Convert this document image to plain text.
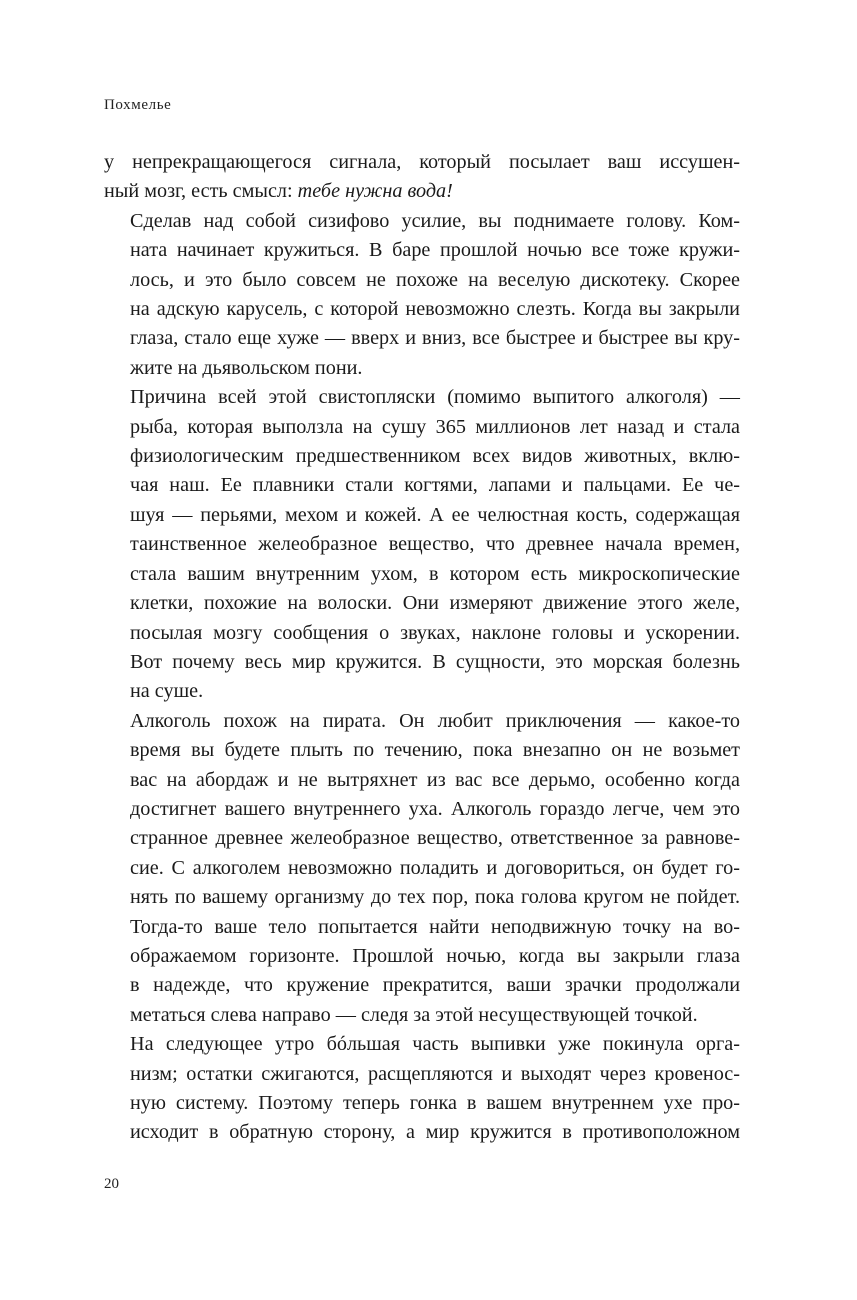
Похмелье

у непрекращающегося сигнала, который посылает ваш иссушен-
ный мозг, есть смысл: тебе нужна вода!

Сделав над собой сизифово усилие, вы поднимаете голову. Ком-
ната начинает кружиться. В баре прошлой ночью все тоже кружи-
лось, и это было совсем не похоже на веселую дискотеку. Скорее
на адскую карусель, с которой невозможно слезть. Когда вы закрыли
глаза, стало еще хуже — вверх и вниз, все быстрее и быстрее вы кру-
жите на дьявольском пони.

Причина всей этой свистопляски (помимо выпитого алкоголя) —
рыба, которая выползла на сушу 365 миллионов лет назад и стала
физиологическим предшественником всех видов животных, вклю-
чая наш. Ее плавники стали когтями, лапами и пальцами. Ее че-
шуя — перьями, мехом и кожей. А ее челюстная кость, содержащая
таинственное желеобразное вещество, что древнее начала времен,
стала вашим внутренним ухом, в котором есть микроскопические
клетки, похожие на волоски. Они измеряют движение этого желе,
посылая мозгу сообщения о звуках, наклоне головы и ускорении.
Вот почему весь мир кружится. В сущности, это морская болезнь
на суше.

Алкоголь похож на пирата. Он любит приключения — какое-то
время вы будете плыть по течению, пока внезапно он не возьмет
вас на абордаж и не вытряхнет из вас все дерьмо, особенно когда
достигнет вашего внутреннего уха. Алкоголь гораздо легче, чем это
странное древнее желеобразное вещество, ответственное за равнове-
сие. С алкоголем невозможно поладить и договориться, он будет го-
нять по вашему организму до тех пор, пока голова кругом не пойдет.
Тогда-то ваше тело попытается найти неподвижную точку на во-
ображаемом горизонте. Прошлой ночью, когда вы закрыли глаза
в надежде, что кружение прекратится, ваши зрачки продолжали
метаться слева направо — следя за этой несуществующей точкой.

На следующее утро бóльшая часть выпивки уже покинула орга-
низм; остатки сжигаются, расщепляются и выходят через кровенос-
ную систему. Поэтому теперь гонка в вашем внутреннем ухе про-
исходит в обратную сторону, а мир кружится в противоположном

20
